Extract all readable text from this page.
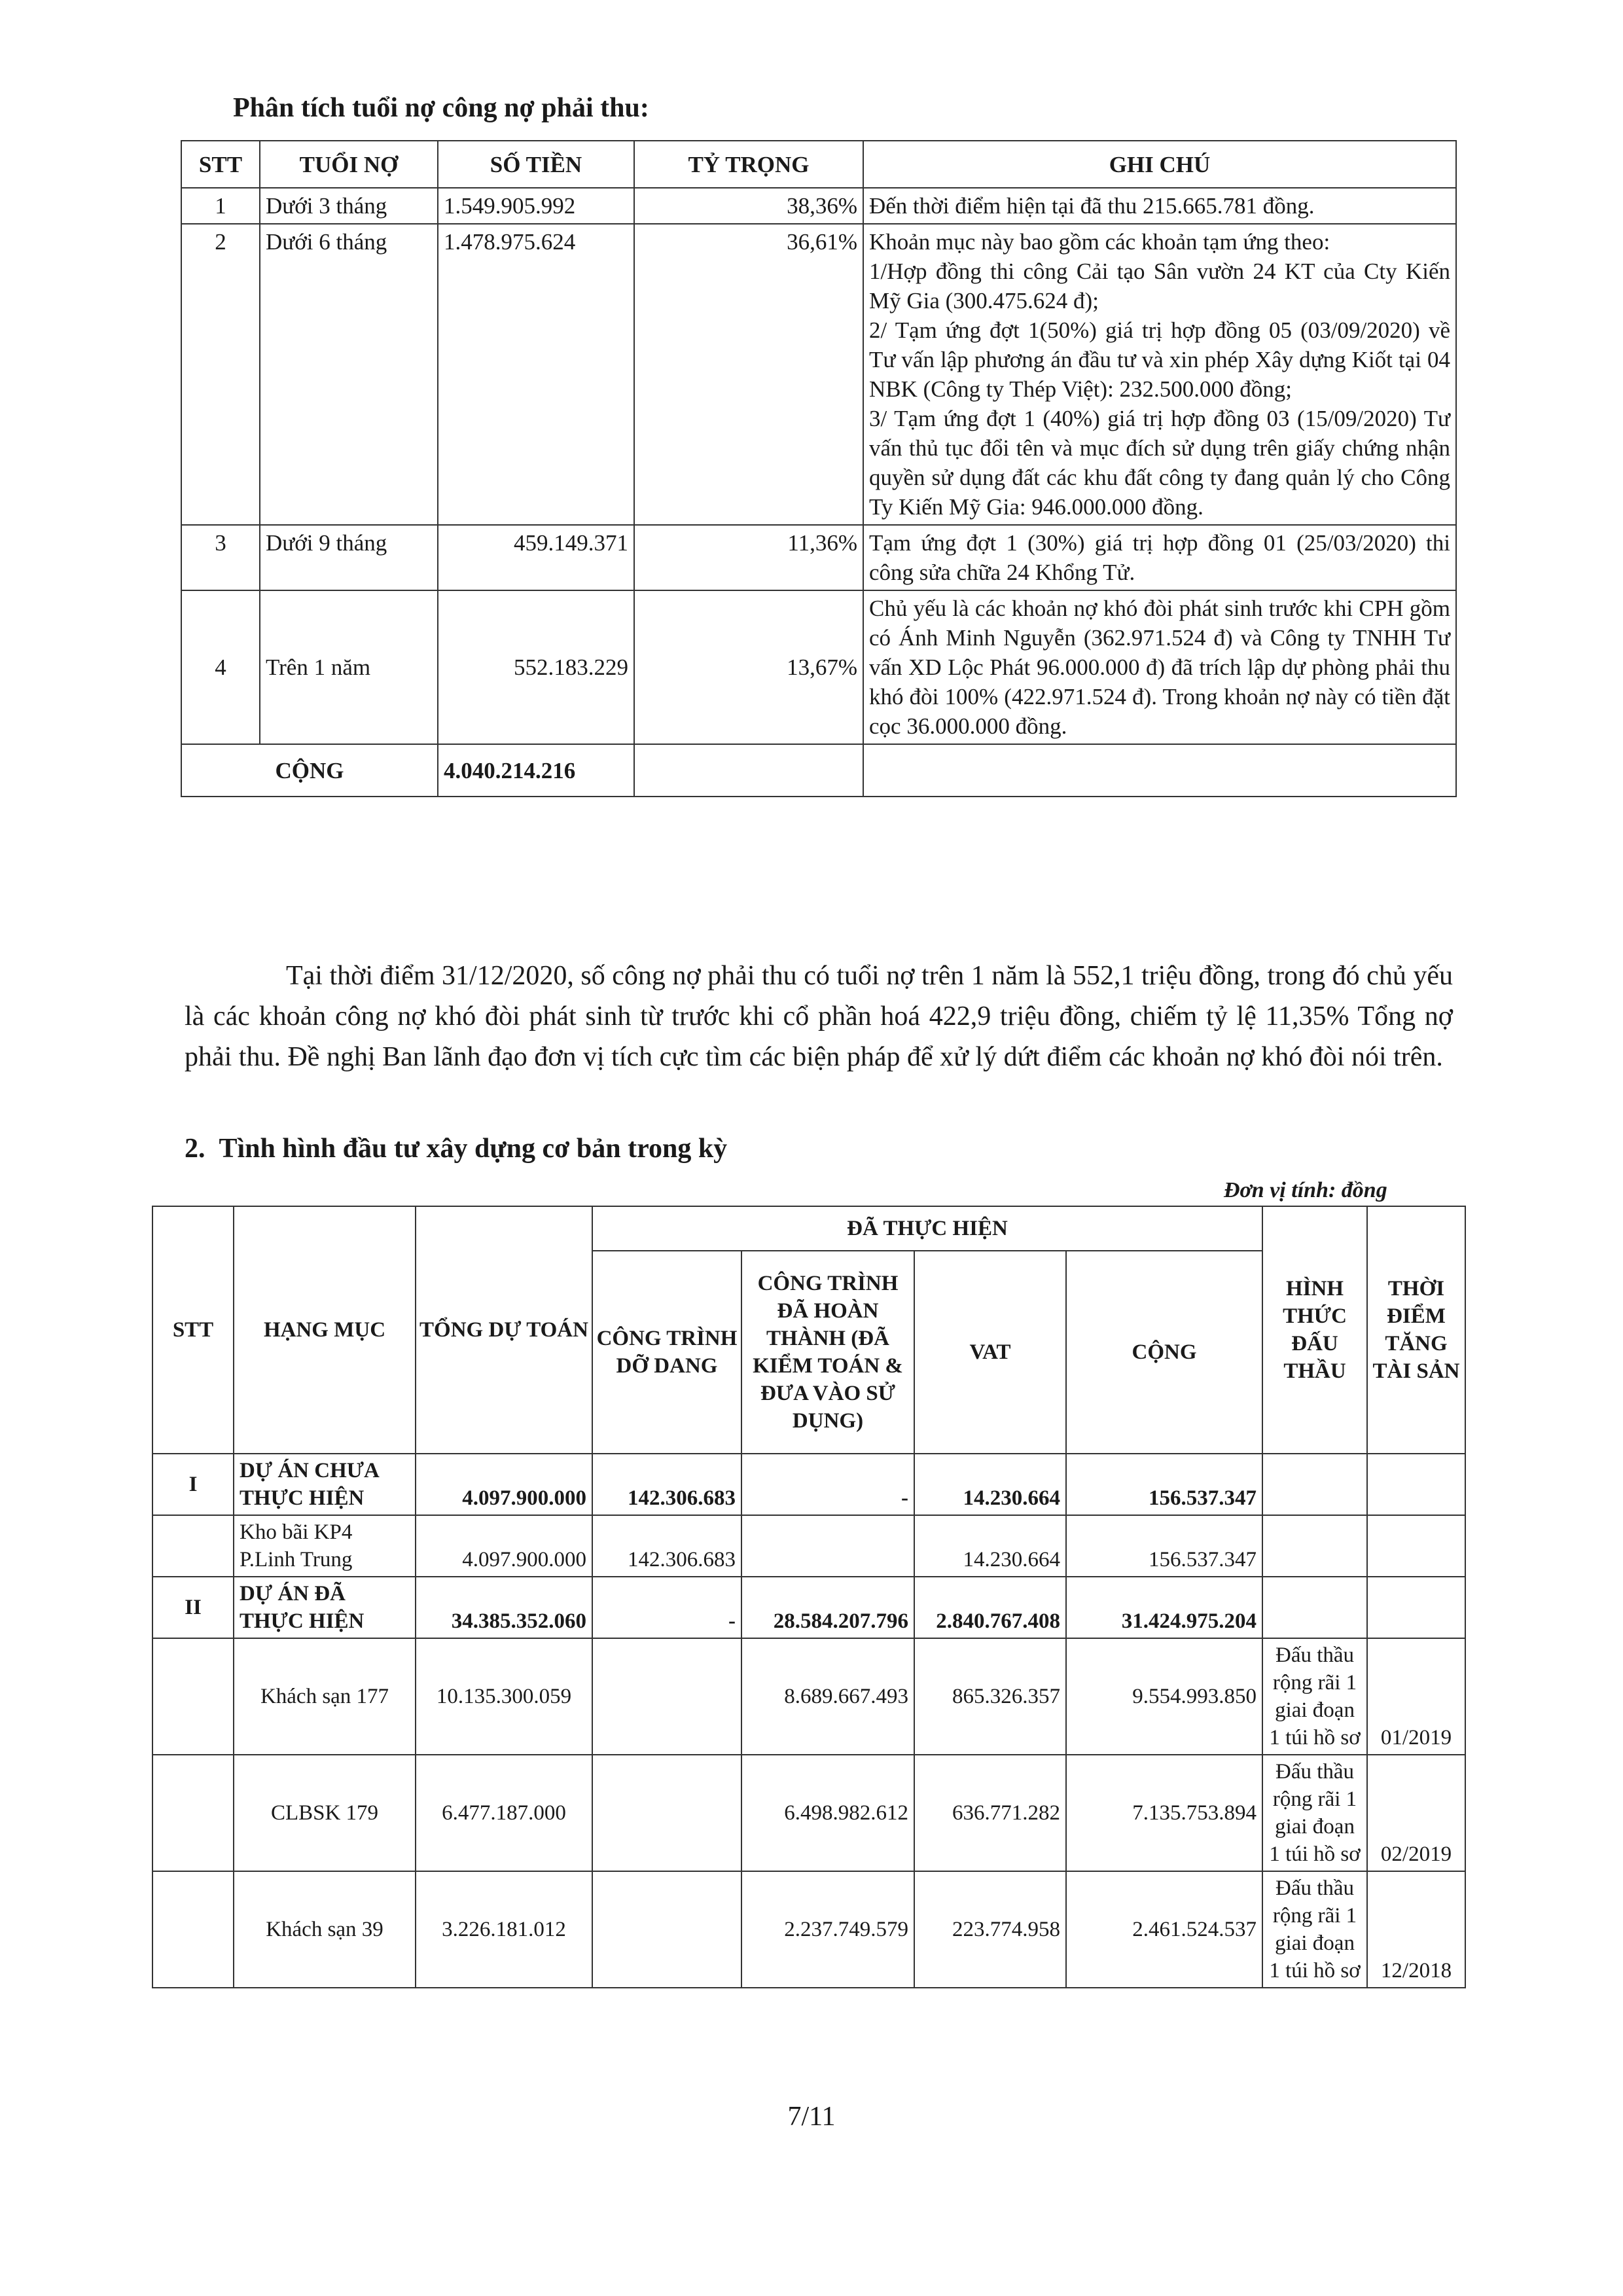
Phân tích tuổi nợ công nợ phải thu:
STT	TUỔI NỢ	SỐ TIỀN	TỶ TRỌNG	GHI CHÚ
1	Dưới 3 tháng	1.549.905.992	38,36%	Đến thời điểm hiện tại đã thu 215.665.781 đồng.

2	Dưới 6 tháng	1.478.975.624	36,61%	Khoản mục này bao gồm các khoản tạm ứng theo:
1/Hợp đồng thi công Cải tạo Sân vườn 24 KT của Cty Kiến Mỹ Gia (300.475.624 đ);
2/ Tạm ứng đợt 1(50%) giá trị hợp đồng 05 (03/09/2020) về Tư vấn lập phương án đầu tư và xin phép Xây dựng Kiốt tại 04 NBK (Công ty Thép Việt): 232.500.000 đồng;
3/ Tạm ứng đợt 1 (40%) giá trị hợp đồng 03 (15/09/2020) Tư vấn thủ tục đổi tên và mục đích sử dụng trên giấy chứng nhận quyền sử dụng đất các khu đất công ty đang quản lý cho Công Ty Kiến Mỹ Gia: 946.000.000 đồng.

3	Dưới 9 tháng	459.149.371	11,36%	Tạm ứng đợt 1 (30%) giá trị hợp đồng 01 (25/03/2020) thi công sửa chữa 24 Khổng Tử.

4	Trên 1 năm	552.183.229	13,67%	Chủ yếu là các khoản nợ khó đòi phát sinh trước khi CPH gồm có Ánh Minh Nguyễn (362.971.524 đ) và Công ty TNHH Tư vấn XD Lộc Phát 96.000.000 đ) đã trích lập dự phòng phải thu khó đòi 100% (422.971.524 đ). Trong khoản nợ này có tiền đặt cọc 36.000.000 đồng.

CỘNG		4.040.214.216		
Tại thời điểm 31/12/2020, số công nợ phải thu có tuổi nợ trên 1 năm là 552,1 triệu đồng, trong đó chủ yếu là các khoản công nợ khó đòi phát sinh từ trước khi cổ phần hoá 422,9 triệu đồng, chiếm tỷ lệ 11,35% Tổng nợ phải thu. Đề nghị Ban lãnh đạo đơn vị tích cực tìm các biện pháp để xử lý dứt điểm các khoản nợ khó đòi nói trên.
2.  Tình hình đầu tư xây dựng cơ bản trong kỳ
Đơn vị tính: đồng
STT	HẠNG MỤC	TỔNG DỰ TOÁN	ĐÃ THỰC HIỆN				HÌNH THỨC ĐẤU THẦU	THỜI ĐIỂM TĂNG TÀI SẢN
			CÔNG TRÌNH DỠ DANG	CÔNG TRÌNH ĐÃ HOÀN THÀNH (ĐÃ KIỂM TOÁN & ĐƯA VÀO SỬ DỤNG)	VAT	CỘNG		
I	DỰ ÁN CHƯA THỰC HIỆN	4.097.900.000	142.306.683	-	14.230.664	156.537.347		
	Kho bãi KP4 P.Linh Trung	4.097.900.000	142.306.683		14.230.664	156.537.347		
II	DỰ ÁN ĐÃ THỰC HIỆN	34.385.352.060	-	28.584.207.796	2.840.767.408	31.424.975.204		
	Khách sạn 177	10.135.300.059		8.689.667.493	865.326.357	9.554.993.850	Đấu thầu rộng rãi 1 giai đoạn 1 túi hồ sơ	01/2019
	CLBSK 179	6.477.187.000		6.498.982.612	636.771.282	7.135.753.894	Đấu thầu rộng rãi 1 giai đoạn 1 túi hồ sơ	02/2019
	Khách sạn 39	3.226.181.012		2.237.749.579	223.774.958	2.461.524.537	Đấu thầu rộng rãi 1 giai đoạn 1 túi hồ sơ	12/2018
7/11
